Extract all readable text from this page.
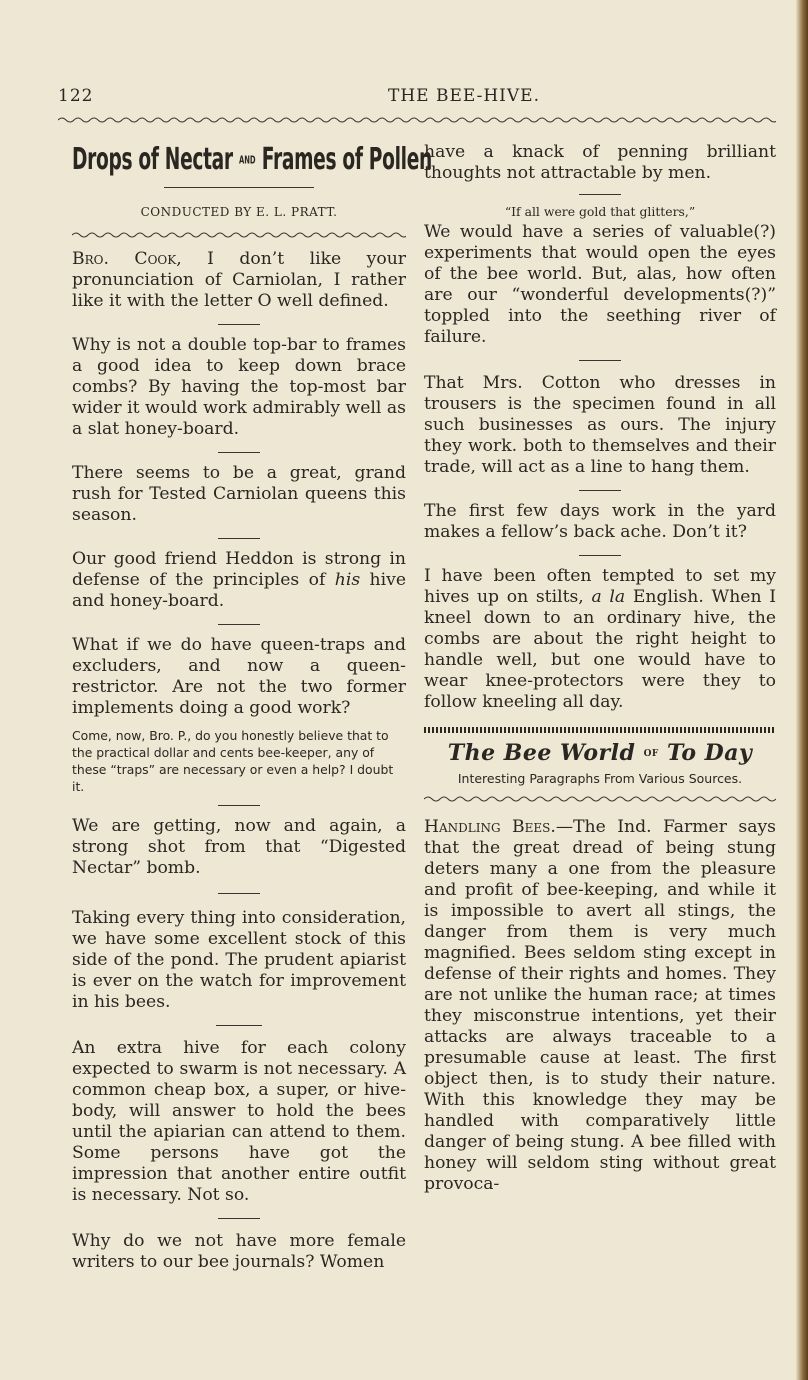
122	THE BEE-HIVE.
Drops of Nectar AND Frames of Pollen
CONDUCTED BY E. L. PRATT.

Bro. Cook, I don’t like your pronunciation of Carniolan, I rather like it with the letter O well defined.

Why is not a double top-bar to frames a good idea to keep down brace combs? By having the top-most bar wider it would work admirably well as a slat honey-board.

There seems to be a great, grand rush for Tested Carniolan queens this season.

Our good friend Heddon is strong in defense of the principles of his hive and honey-board.

What if we do have queen-traps and excluders, and now a queen-restrictor. Are not the two former implements doing a good work?

Come, now, Bro. P., do you honestly believe that to the practical dollar and cents bee-keeper, any of these “traps” are necessary or even a help? I doubt it.

We are getting, now and again, a strong shot from that “Digested Nectar” bomb.

Taking every thing into consideration, we have some excellent stock of this side of the pond. The prudent apiarist is ever on the watch for improvement in his bees.

An extra hive for each colony expected to swarm is not necessary. A common cheap box, a super, or hive-body, will answer to hold the bees until the apiarian can attend to them. Some persons have got the impression that another entire outfit is necessary. Not so.

Why do we not have more female writers to our bee journals? Women

have a knack of penning brilliant thoughts not attractable by men.

“If all were gold that glitters,”

We would have a series of valuable(?) experiments that would open the eyes of the bee world. But, alas, how often are our “wonderful developments(?)” toppled into the seething river of failure.

That Mrs. Cotton who dresses in trousers is the specimen found in all such businesses as ours. The injury they work. both to themselves and their trade, will act as a line to hang them.

The first few days work in the yard makes a fellow’s back ache. Don’t it?

I have been often tempted to set my hives up on stilts, a la English. When I kneel down to an ordinary hive, the combs are about the right height to handle well, but one would have to wear knee-protectors were they to follow kneeling all day.

The Bee World OF To Day
Interesting Paragraphs From Various Sources.

Handling Bees.—The Ind. Farmer says that the great dread of being stung deters many a one from the pleasure and profit of bee-keeping, and while it is impossible to avert all stings, the danger from them is very much magnified. Bees seldom sting except in defense of their rights and homes. They are not unlike the human race; at times they misconstrue intentions, yet their attacks are always traceable to a presumable cause at least. The first object then, is to study their nature. With this knowledge they may be handled with comparatively little danger of being stung. A bee filled with honey will seldom sting without great provoca-
